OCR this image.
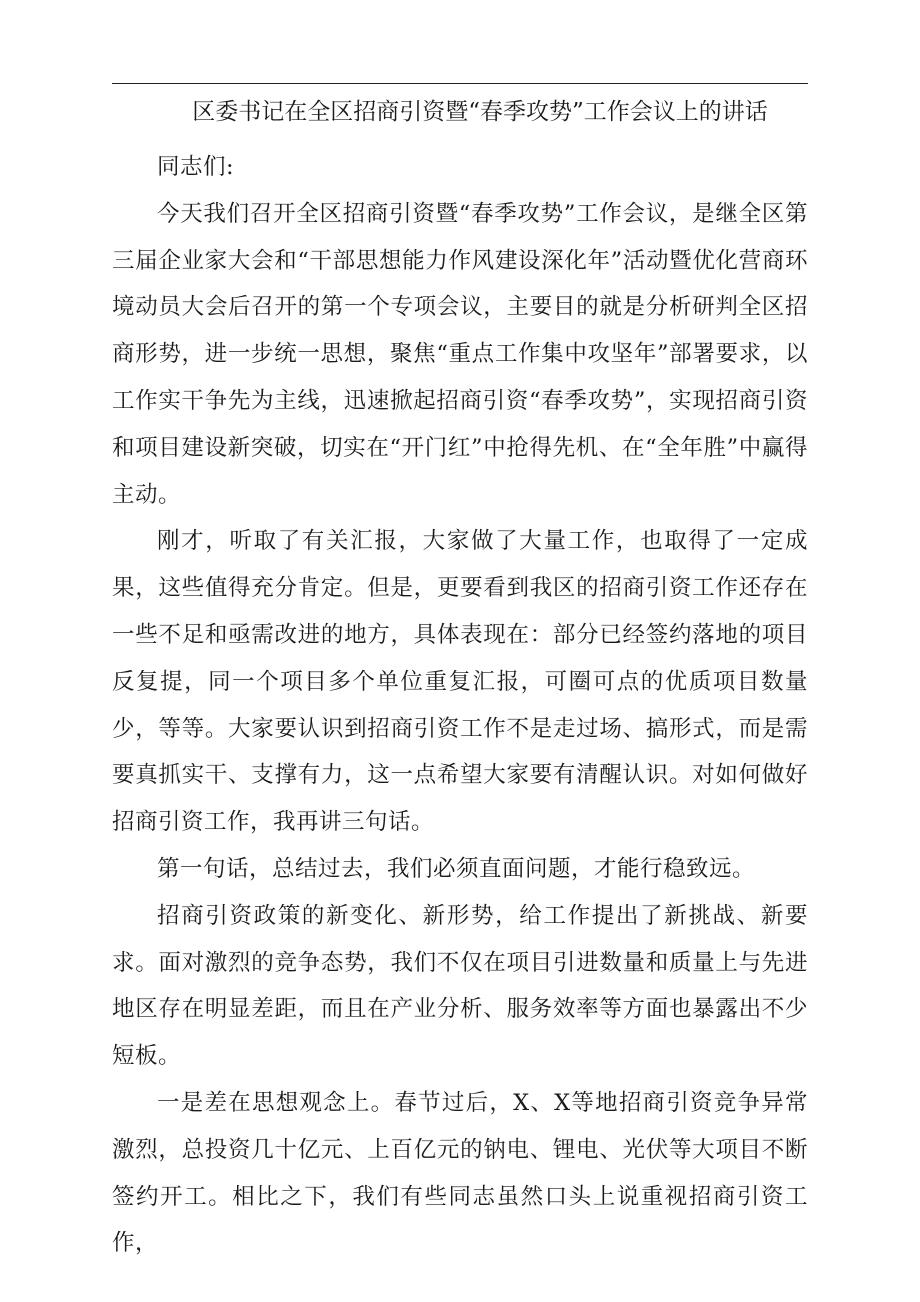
区委书记在全区招商引资暨“春季攻势”工作会议上的讲话

同志们:

今天我们召开全区招商引资暨“春季攻势”工作会议，是继全区第三届企业家大会和“干部思想能力作风建设深化年”活动暨优化营商环境动员大会后召开的第一个专项会议，主要目的就是分析研判全区招商形势，进一步统一思想，聚焦“重点工作集中攻坚年”部署要求，以工作实干争先为主线，迅速掀起招商引资“春季攻势”，实现招商引资和项目建设新突破，切实在“开门红”中抢得先机、在“全年胜”中赢得主动。

刚才，听取了有关汇报，大家做了大量工作，也取得了一定成果，这些值得充分肯定。但是，更要看到我区的招商引资工作还存在一些不足和亟需改进的地方，具体表现在：部分已经签约落地的项目反复提，同一个项目多个单位重复汇报，可圈可点的优质项目数量少，等等。大家要认识到招商引资工作不是走过场、搞形式，而是需要真抓实干、支撑有力，这一点希望大家要有清醒认识。对如何做好招商引资工作，我再讲三句话。

第一句话，总结过去，我们必须直面问题，才能行稳致远。

招商引资政策的新变化、新形势，给工作提出了新挑战、新要求。面对激烈的竞争态势，我们不仅在项目引进数量和质量上与先进地区存在明显差距，而且在产业分析、服务效率等方面也暴露出不少短板。

一是差在思想观念上。春节过后，X、X等地招商引资竞争异常激烈，总投资几十亿元、上百亿元的钠电、锂电、光伏等大项目不断签约开工。相比之下，我们有些同志虽然口头上说重视招商引资工作，
